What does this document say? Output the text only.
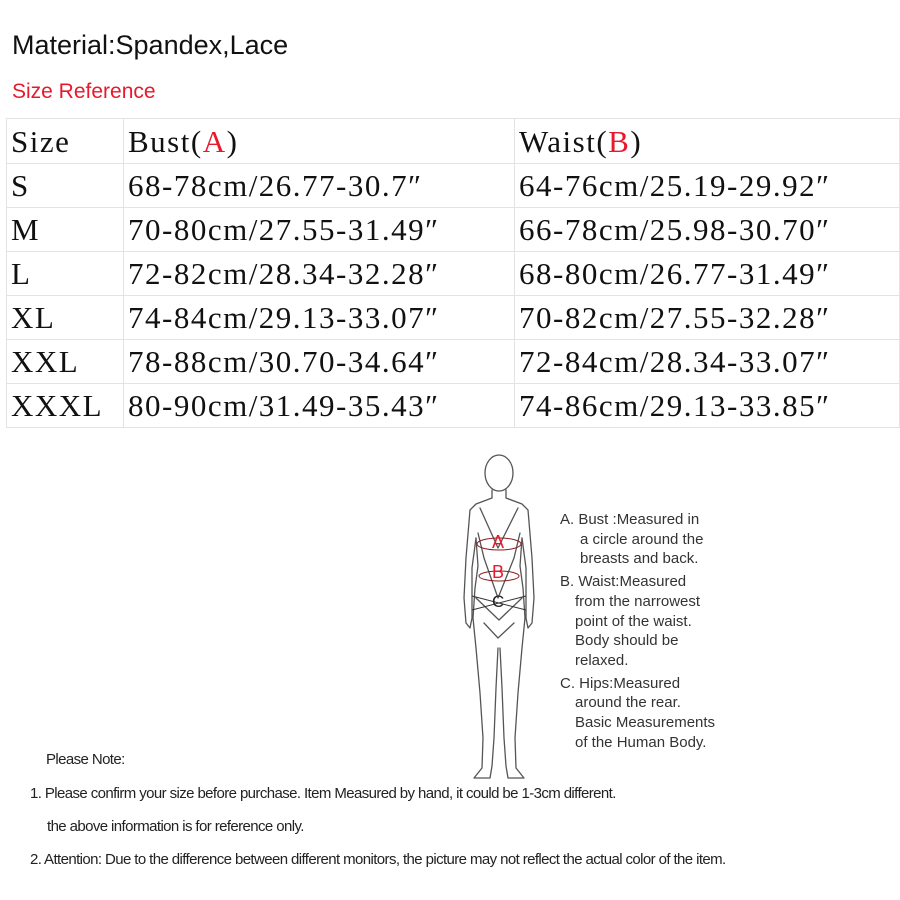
Material:Spandex,Lace
Size Reference
Size	Bust(A)	Waist(B)
S	68-78cm/26.77-30.7″	64-76cm/25.19-29.92″
M	70-80cm/27.55-31.49″	66-78cm/25.98-30.70″
L	72-82cm/28.34-32.28″	68-80cm/26.77-31.49″
XL	74-84cm/29.13-33.07″	70-82cm/27.55-32.28″
XXL	78-88cm/30.70-34.64″	72-84cm/28.34-33.07″
XXXL	80-90cm/31.49-35.43″	74-86cm/29.13-33.85″
A
B
C
A. Bust :Measured in
a circle around the
breasts and back.
B. Waist:Measured
from the narrowest
point of the waist.
Body should be
relaxed.
C. Hips:Measured
around the rear.
Basic Measurements
of the Human Body.
Please Note:
1. Please confirm your size before purchase. Item Measured by hand, it could be 1-3cm different.
the above information is for reference only.
2. Attention: Due to the difference between different monitors, the picture may not reflect the actual color of the item.
